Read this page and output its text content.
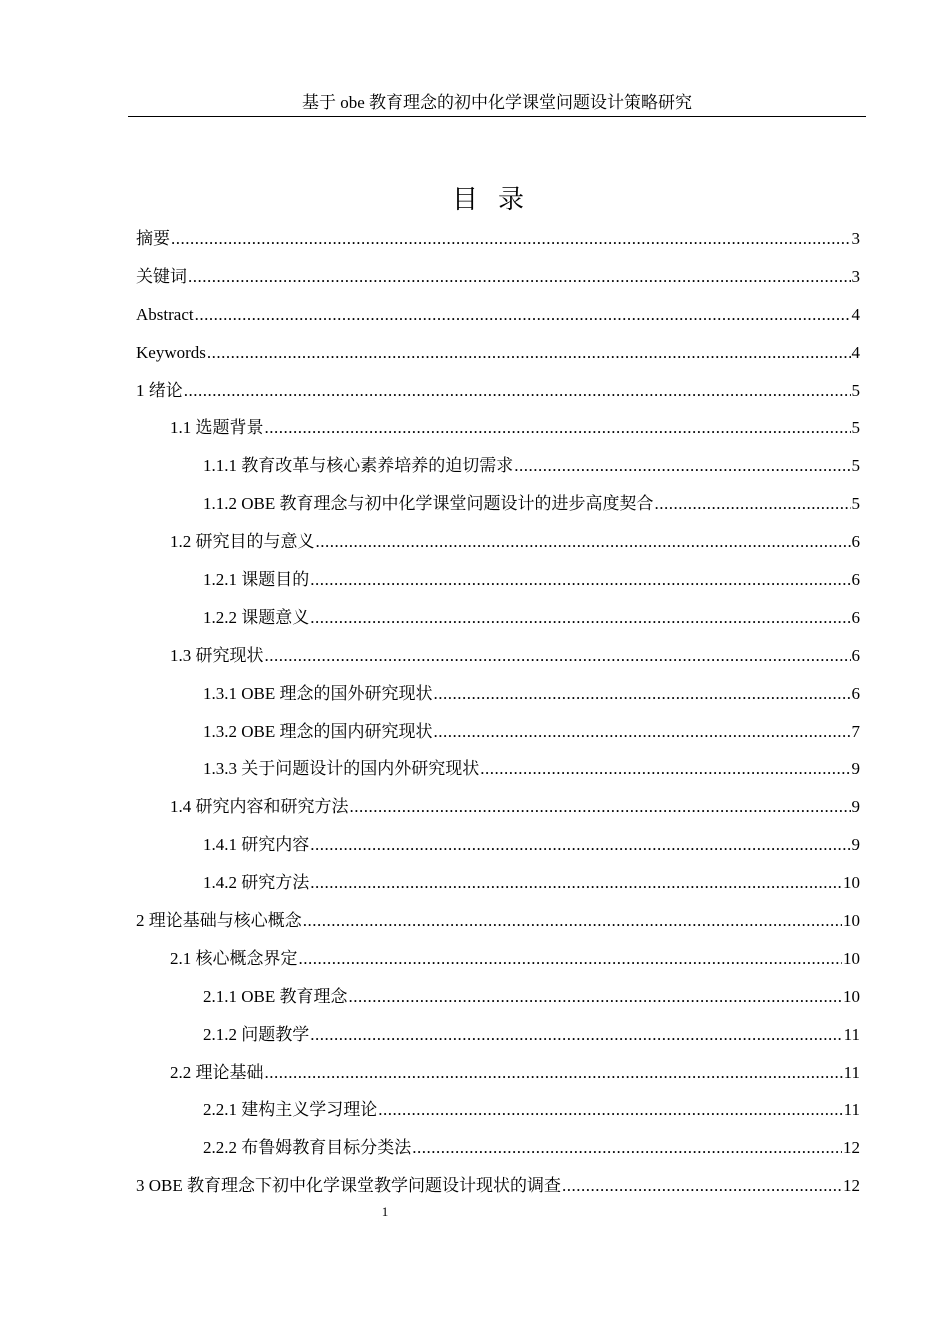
基于 obe 教育理念的初中化学课堂问题设计策略研究
目录
摘要 .....	3
关键词 .....	3
Abstract .....	4
Keywords .....	4
1 绪论 .....	5
1.1 选题背景 .....	5
1.1.1 教育改革与核心素养培养的迫切需求 .....	5
1.1.2 OBE 教育理念与初中化学课堂问题设计的进步高度契合 .....	5
1.2 研究目的与意义 .....	6
1.2.1 课题目的 .....	6
1.2.2 课题意义 .....	6
1.3 研究现状 .....	6
1.3.1 OBE 理念的国外研究现状 .....	6
1.3.2 OBE 理念的国内研究现状 .....	7
1.3.3 关于问题设计的国内外研究现状 .....	9
1.4 研究内容和研究方法 .....	9
1.4.1 研究内容 .....	9
1.4.2 研究方法 .....	10
2 理论基础与核心概念 .....	10
2.1 核心概念界定 .....	10
2.1.1 OBE 教育理念 .....	10
2.1.2 问题教学 .....	11
2.2 理论基础 .....	11
2.2.1 建构主义学习理论 .....	11
2.2.2 布鲁姆教育目标分类法 .....	12
3 OBE 教育理念下初中化学课堂教学问题设计现状的调查 .....	12
1
